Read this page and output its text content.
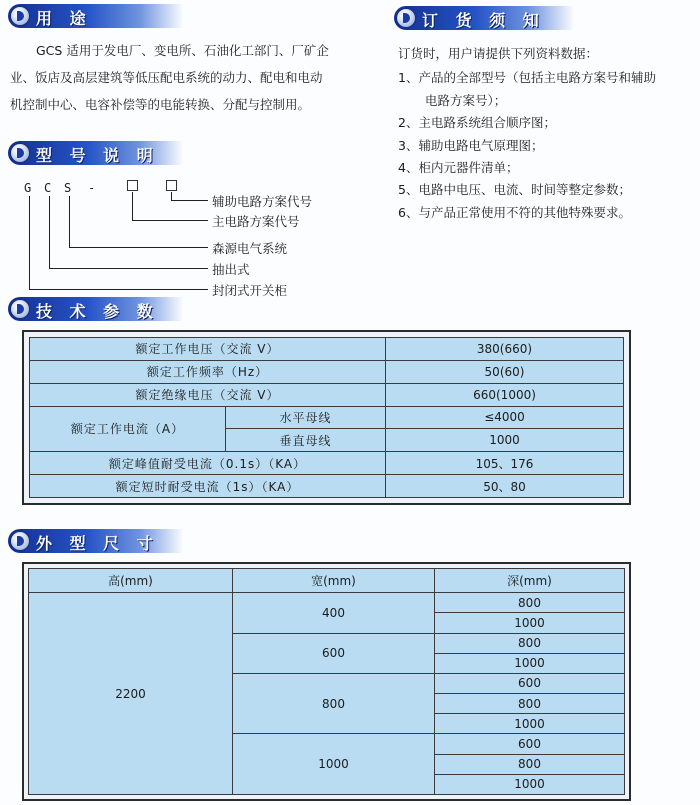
用 途
GCS 适用于发电厂、变电所、石油化工部门、厂矿企
业、饭店及高层建筑等低压配电系统的动力、配电和电动
机控制中心、电容补偿等的电能转换、分配与控制用。
订 货 须 知
订货时，用户请提供下列资料数据：
1、产品的全部型号（包括主电路方案号和辅助
电路方案号）；
2、主电路系统组合顺序图；
3、辅助电路电气原理图；
4、柜内元器件清单；
5、电路中电压、电流、时间等整定参数；
6、与产品正常使用不符的其他特殊要求。
型 号 说 明
G C S -
辅助电路方案代号
主电路方案代号
森源电气系统
抽出式
封闭式开关柜
技 术 参 数
额定工作电压（交流 V）		380(660)
额定工作频率（Hz）		50(60)
额定绝缘电压（交流 V）		660(1000)
额定工作电流（A）	水平母线	≤4000
	垂直母线	1000
额定峰值耐受电流（0.1s）（KA）		105、176
额定短时耐受电流（1s）（KA）		50、80
外 型 尺 寸
高(mm)	宽(mm)	深(mm)
2200	400	800
		1000
	600	800
		1000
	800	600
		800
		1000
	1000	600
		800
		1000
